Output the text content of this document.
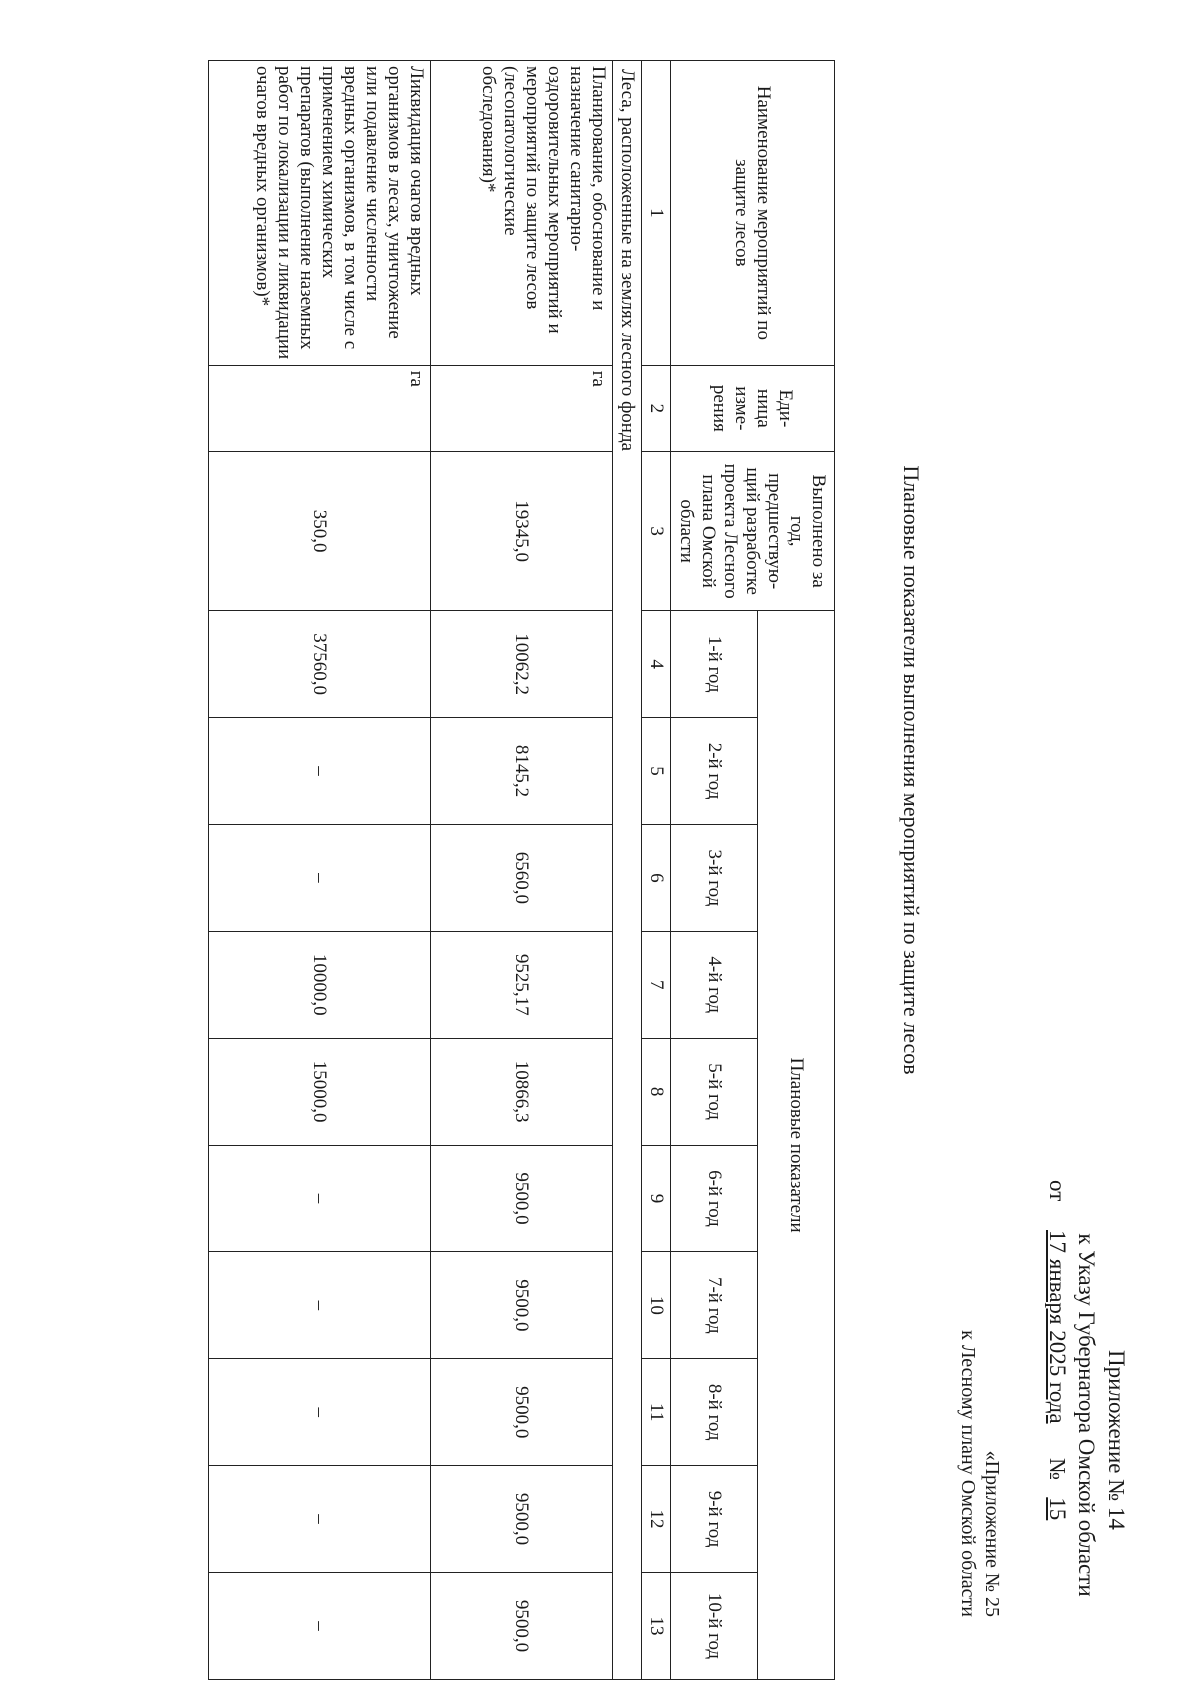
Приложение № 14
к Указу Губернатора Омской области
от     17 января 2025 года      №   15
«Приложение № 25
к Лесному плану Омской области
Плановые показатели выполнения мероприятий по защите лесов
Наименование мероприятий по защите лесов	Еди-ница изме-рения	Выполнено за год, предшествую-щий разработке проекта Лесного плана Омской области	Плановые показатели									
			1-й год	2-й год	3-й год	4-й год	5-й год	6-й год	7-й год	8-й год	9-й год	10-й год
1	2	3	4	5	6	7	8	9	10	11	12	13
Леса, расположенные на землях лесного фонда												
Планирование, обоснование и назначение санитарно-оздоровительных мероприятий и мероприятий по защите лесов (лесопатологические обследования)*	га	19345,0	10062,2	8145,2	6560,0	9525,17	10866,3	9500,0	9500,0	9500,0	9500,0	9500,0
Ликвидация очагов вредных организмов в лесах, уничтожение или подавление численности вредных организмов, в том числе с применением химических препаратов (выполнение наземных работ по локализации и ликвидации очагов вредных организмов)*	га	350,0	37560,0	–	–	10000,0	15000,0	–	–	–	–	–
